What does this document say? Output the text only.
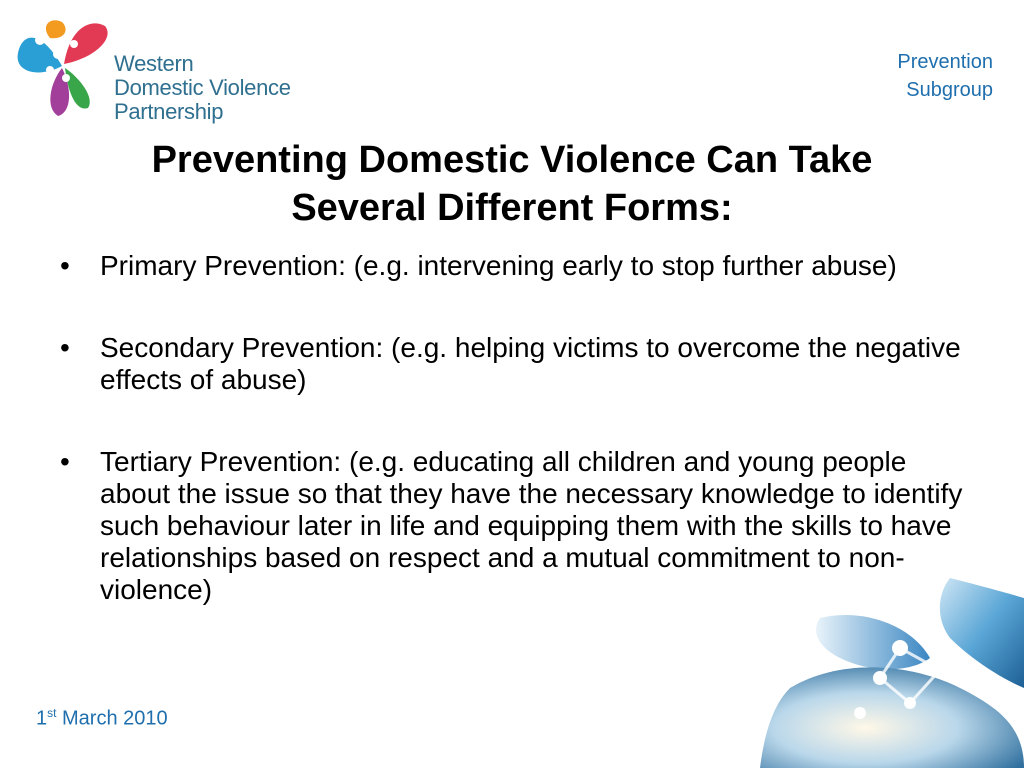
Western
Domestic Violence
Partnership
Prevention
Subgroup
Preventing Domestic Violence Can Take
Several Different Forms:
• Primary Prevention: (e.g. intervening early to stop further abuse)
• Secondary Prevention: (e.g. helping victims to overcome the negative effects of abuse)
• Tertiary Prevention: (e.g. educating all children and young people about the issue so that they have the necessary knowledge to identify such behaviour later in life and equipping them with the skills to have relationships based on respect and a mutual commitment to non-violence)
1st March 2010
